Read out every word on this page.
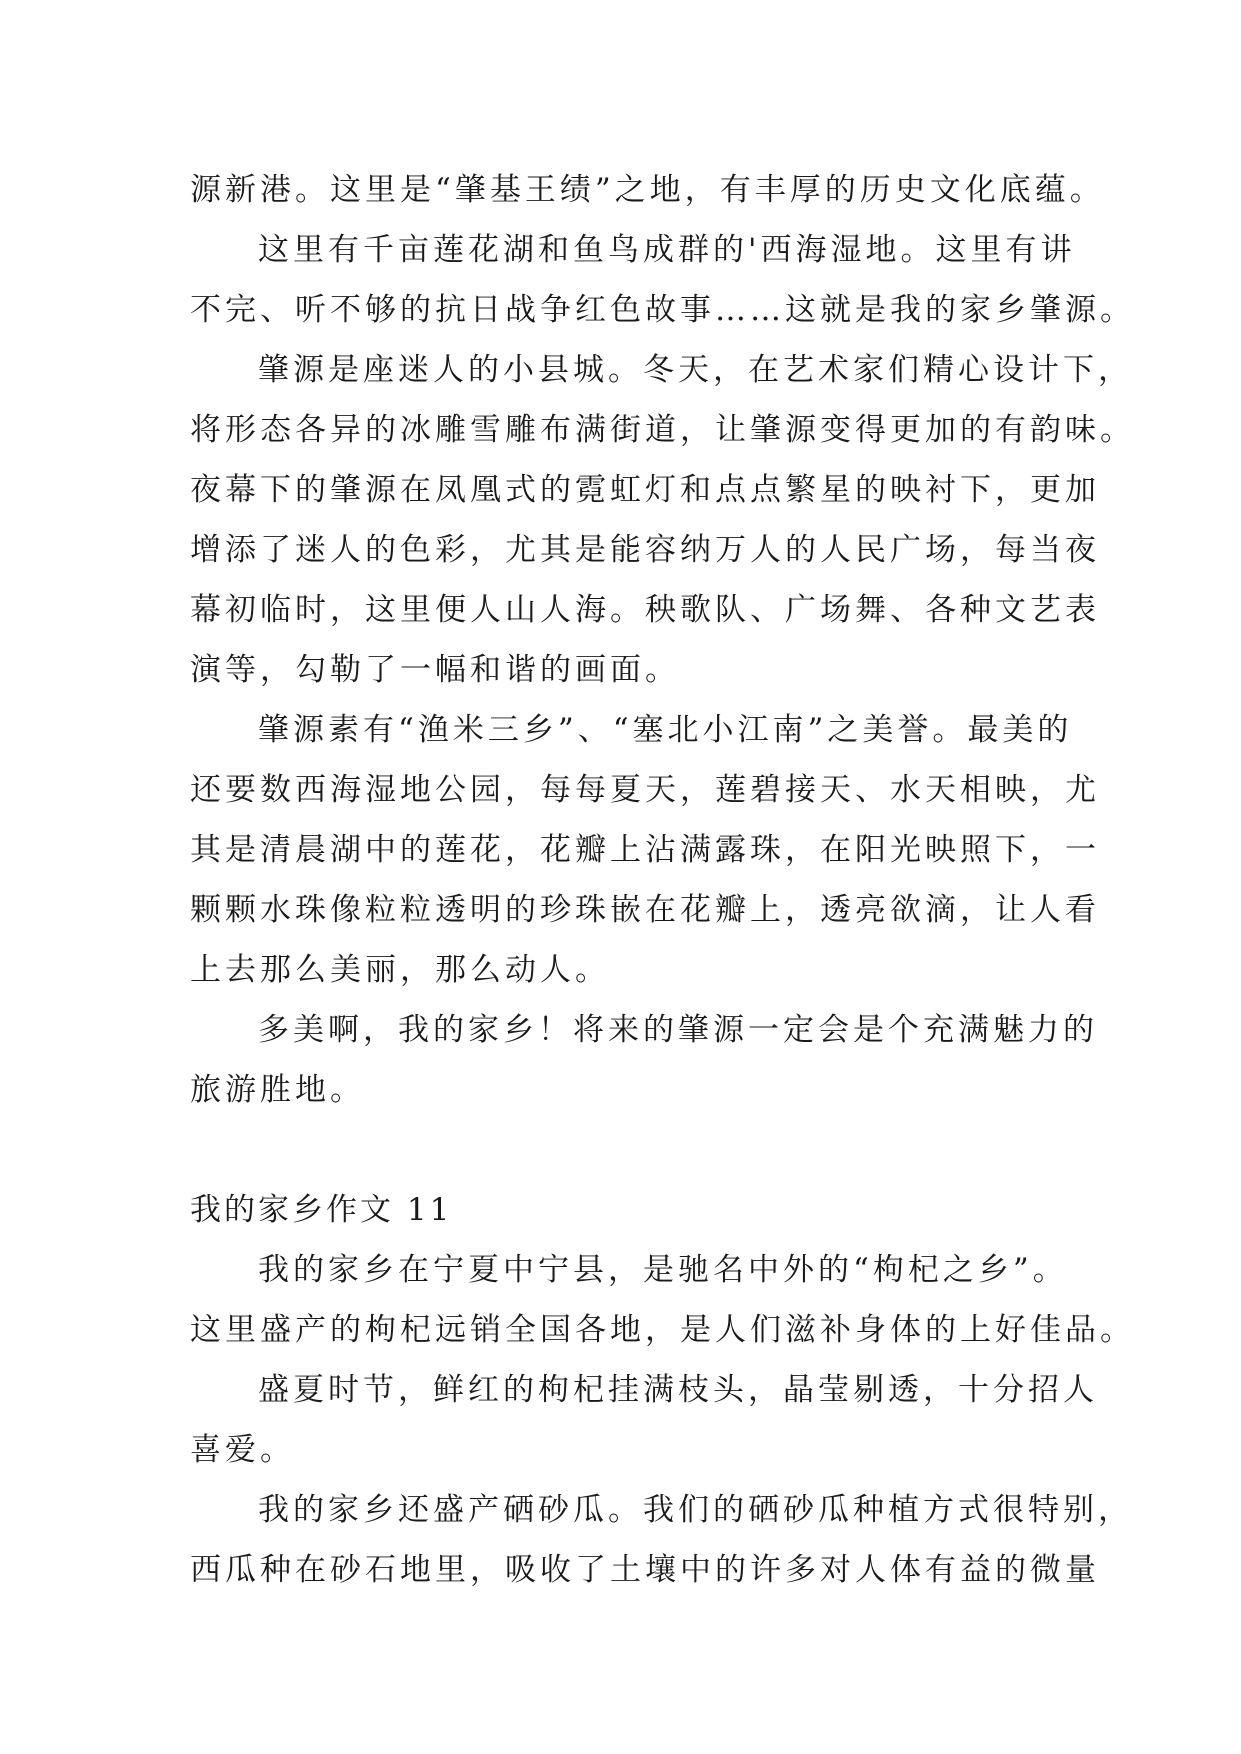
源新港。这里是“肇基王绩”之地，有丰厚的历史文化底蕴。
这里有千亩莲花湖和鱼鸟成群的'西海湿地。这里有讲
不完、听不够的抗日战争红色故事……这就是我的家乡肇源。
肇源是座迷人的小县城。冬天，在艺术家们精心设计下，
将形态各异的冰雕雪雕布满街道，让肇源变得更加的有韵味。
夜幕下的肇源在凤凰式的霓虹灯和点点繁星的映衬下，更加
增添了迷人的色彩，尤其是能容纳万人的人民广场，每当夜
幕初临时，这里便人山人海。秧歌队、广场舞、各种文艺表
演等，勾勒了一幅和谐的画面。
肇源素有“渔米三乡”、“塞北小江南”之美誉。最美的
还要数西海湿地公园，每每夏天，莲碧接天、水天相映，尤
其是清晨湖中的莲花，花瓣上沾满露珠，在阳光映照下，一
颗颗水珠像粒粒透明的珍珠嵌在花瓣上，透亮欲滴，让人看
上去那么美丽，那么动人。
多美啊，我的家乡！将来的肇源一定会是个充满魅力的
旅游胜地。
我的家乡作文 11
我的家乡在宁夏中宁县，是驰名中外的“枸杞之乡”。
这里盛产的枸杞远销全国各地，是人们滋补身体的上好佳品。
盛夏时节，鲜红的枸杞挂满枝头，晶莹剔透，十分招人
喜爱。
我的家乡还盛产硒砂瓜。我们的硒砂瓜种植方式很特别，
西瓜种在砂石地里，吸收了土壤中的许多对人体有益的微量
